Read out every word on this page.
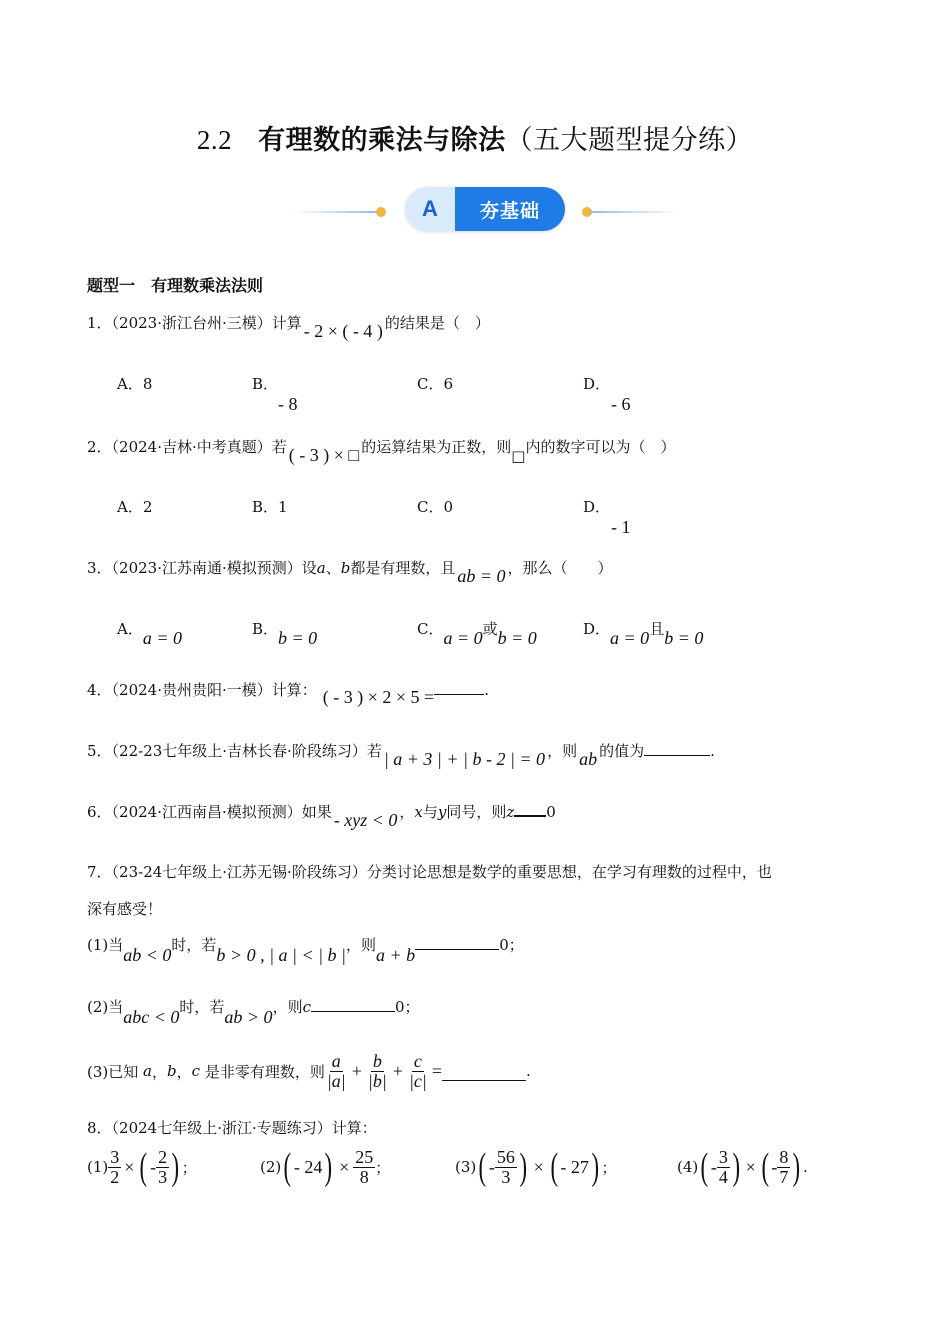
2.2 有理数的乘法与除法（五大题型提分练）
A	夯基础
题型一　有理数乘法法则
1．（2023·浙江台州·三模）计算 - 2 × ( - 4 ) 的结果是（　）
A．8	B．
- 8
C．6	D．
- 6
2．（2024·吉林·中考真题）若 ( - 3 ) × □ 的运算结果为正数，则□内的数字可以为（　）
A．2	B．1	C．0	D．
- 1
3．（2023·江苏南通·模拟预测）设a、b都是有理数，且 ab = 0 ，那么（　　）
A．a = 0	B．b = 0	C．a = 0或b = 0	D．a = 0且b = 0
4．（2024·贵州贵阳·一模）计算： ( - 3 ) × 2 × 5 =	.
5．（22-23七年级上·吉林长春·阶段练习）若 | a + 3 | + | b - 2 | = 0 ，则 ab 的值为	.
6．（2024·江西南昌·模拟预测）如果 - xyz < 0 ，x与y同号，则z 0
7．（23-24七年级上·江苏无锡·阶段练习）分类讨论思想是数学的重要思想，在学习有理数的过程中，也
深有感受！
(1)当ab < 0时，若b > 0 , | a | < | b |，则a + b	0；
(2)当abc < 0时，若ab > 0，则c	0；
(3)已知
a ， b ， c
是非零有理数，则 $\frac{a}{|a|} + \frac{b}{|b|} + \frac{c}{|c|}$ =	.
8．（2024七年级上·浙江·专题练习）计算：
$(1) \frac{3}{2}$ × ( - $\frac{2}{3}$ ) ；	(2) ( - 24 ) × $\frac{25}{8}$ ；	(3) ( - $\frac{56}{3}$ ) × ( - 27 ) ；	(4) ( - $\frac{3}{4}$ ) × ( - $\frac{8}{7}$ ) .
